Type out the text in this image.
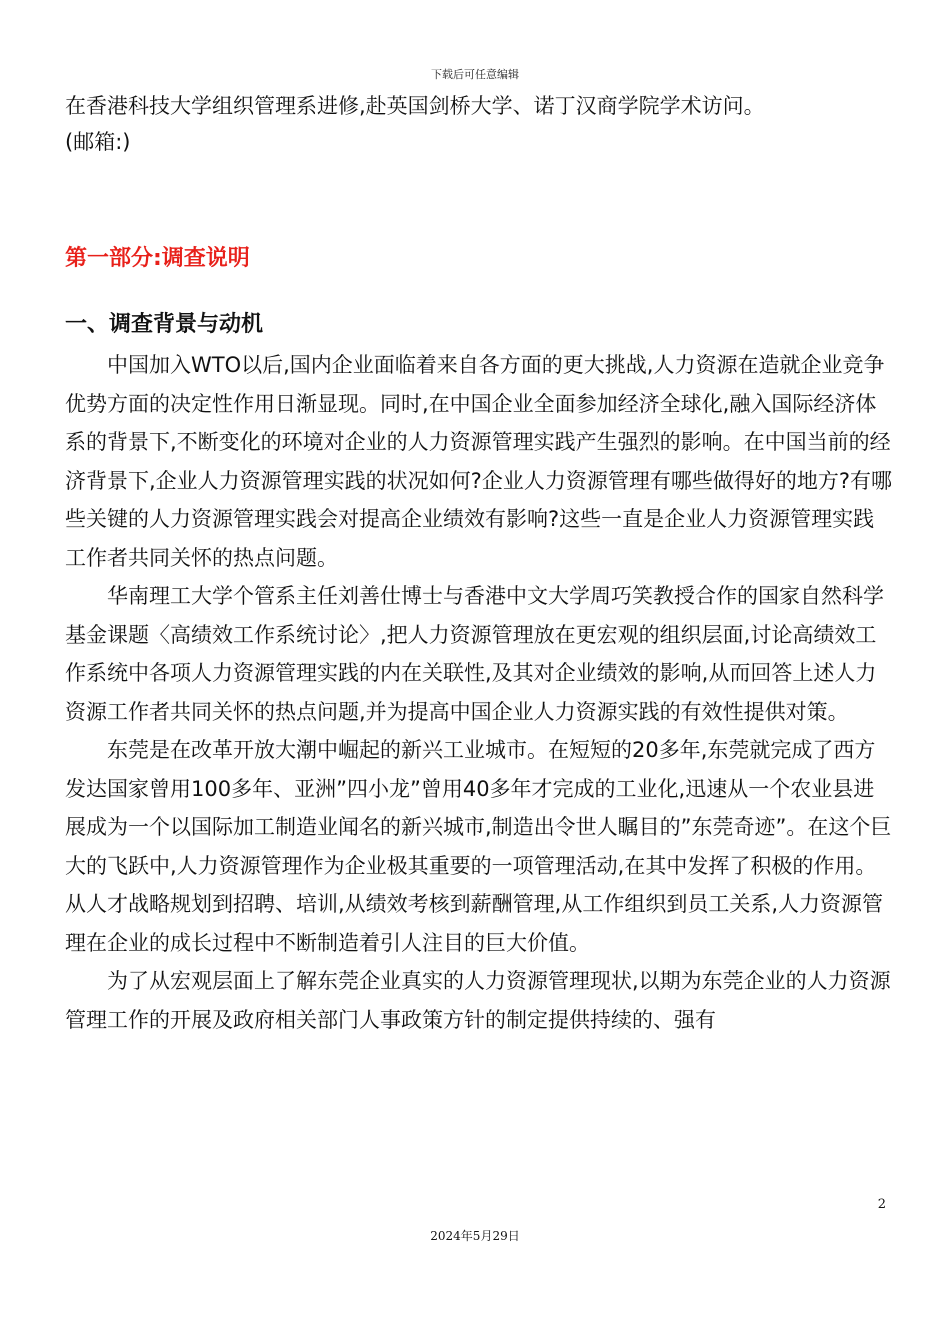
下载后可任意编辑

在香港科技大学组织管理系进修,赴英国剑桥大学、诺丁汉商学院学术访问。

(邮箱:)

第一部分:调查说明
一、调查背景与动机

中国加入WTO以后,国内企业面临着来自各方面的更大挑战,人力资源在造就企业竞争优势方面的决定性作用日渐显现。同时,在中国企业全面参加经济全球化,融入国际经济体系的背景下,不断变化的环境对企业的人力资源管理实践产生强烈的影响。在中国当前的经济背景下,企业人力资源管理实践的状况如何?企业人力资源管理有哪些做得好的地方?有哪些关键的人力资源管理实践会对提高企业绩效有影响?这些一直是企业人力资源管理实践工作者共同关怀的热点问题。

华南理工大学个管系主任刘善仕博士与香港中文大学周巧笑教授合作的国家自然科学基金课题〈高绩效工作系统讨论〉,把人力资源管理放在更宏观的组织层面,讨论高绩效工作系统中各项人力资源管理实践的内在关联性,及其对企业绩效的影响,从而回答上述人力资源工作者共同关怀的热点问题,并为提高中国企业人力资源实践的有效性提供对策。

东莞是在改革开放大潮中崛起的新兴工业城市。在短短的20多年,东莞就完成了西方发达国家曾用100多年、亚洲”四小龙”曾用40多年才完成的工业化,迅速从一个农业县进展成为一个以国际加工制造业闻名的新兴城市,制造出令世人瞩目的”东莞奇迹”。在这个巨大的飞跃中,人力资源管理作为企业极其重要的一项管理活动,在其中发挥了积极的作用。从人才战略规划到招聘、培训,从绩效考核到薪酬管理,从工作组织到员工关系,人力资源管理在企业的成长过程中不断制造着引人注目的巨大价值。

为了从宏观层面上了解东莞企业真实的人力资源管理现状,以期为东莞企业的人力资源管理工作的开展及政府相关部门人事政策方针的制定提供持续的、强有

2
2024年5月29日
